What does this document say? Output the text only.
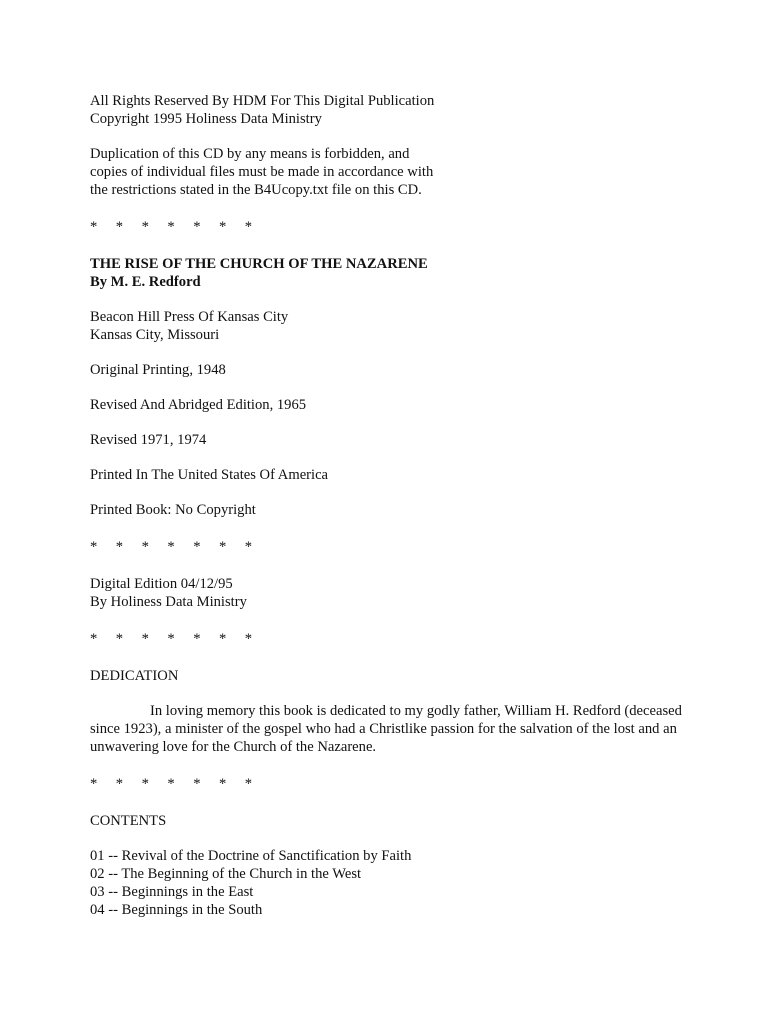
All Rights Reserved By HDM For This Digital Publication
Copyright 1995 Holiness Data Ministry
Duplication of this CD by any means is forbidden, and
copies of individual files must be made in accordance with
the restrictions stated in the B4Ucopy.txt file on this CD.
* * * * * * *
THE RISE OF THE CHURCH OF THE NAZARENE
By M. E. Redford
Beacon Hill Press Of Kansas City
Kansas City, Missouri
Original Printing, 1948
Revised And Abridged Edition, 1965
Revised 1971, 1974
Printed In The United States Of America
Printed Book: No Copyright
* * * * * * *
Digital Edition 04/12/95
By Holiness Data Ministry
* * * * * * *
DEDICATION

In loving memory this book is dedicated to my godly father, William H. Redford (deceased since 1923), a minister of the gospel who had a Christlike passion for the salvation of the lost and an unwavering love for the Church of the Nazarene.

* * * * * * *
CONTENTS
01 -- Revival of the Doctrine of Sanctification by Faith
02 -- The Beginning of the Church in the West
03 -- Beginnings in the East
04 -- Beginnings in the South
